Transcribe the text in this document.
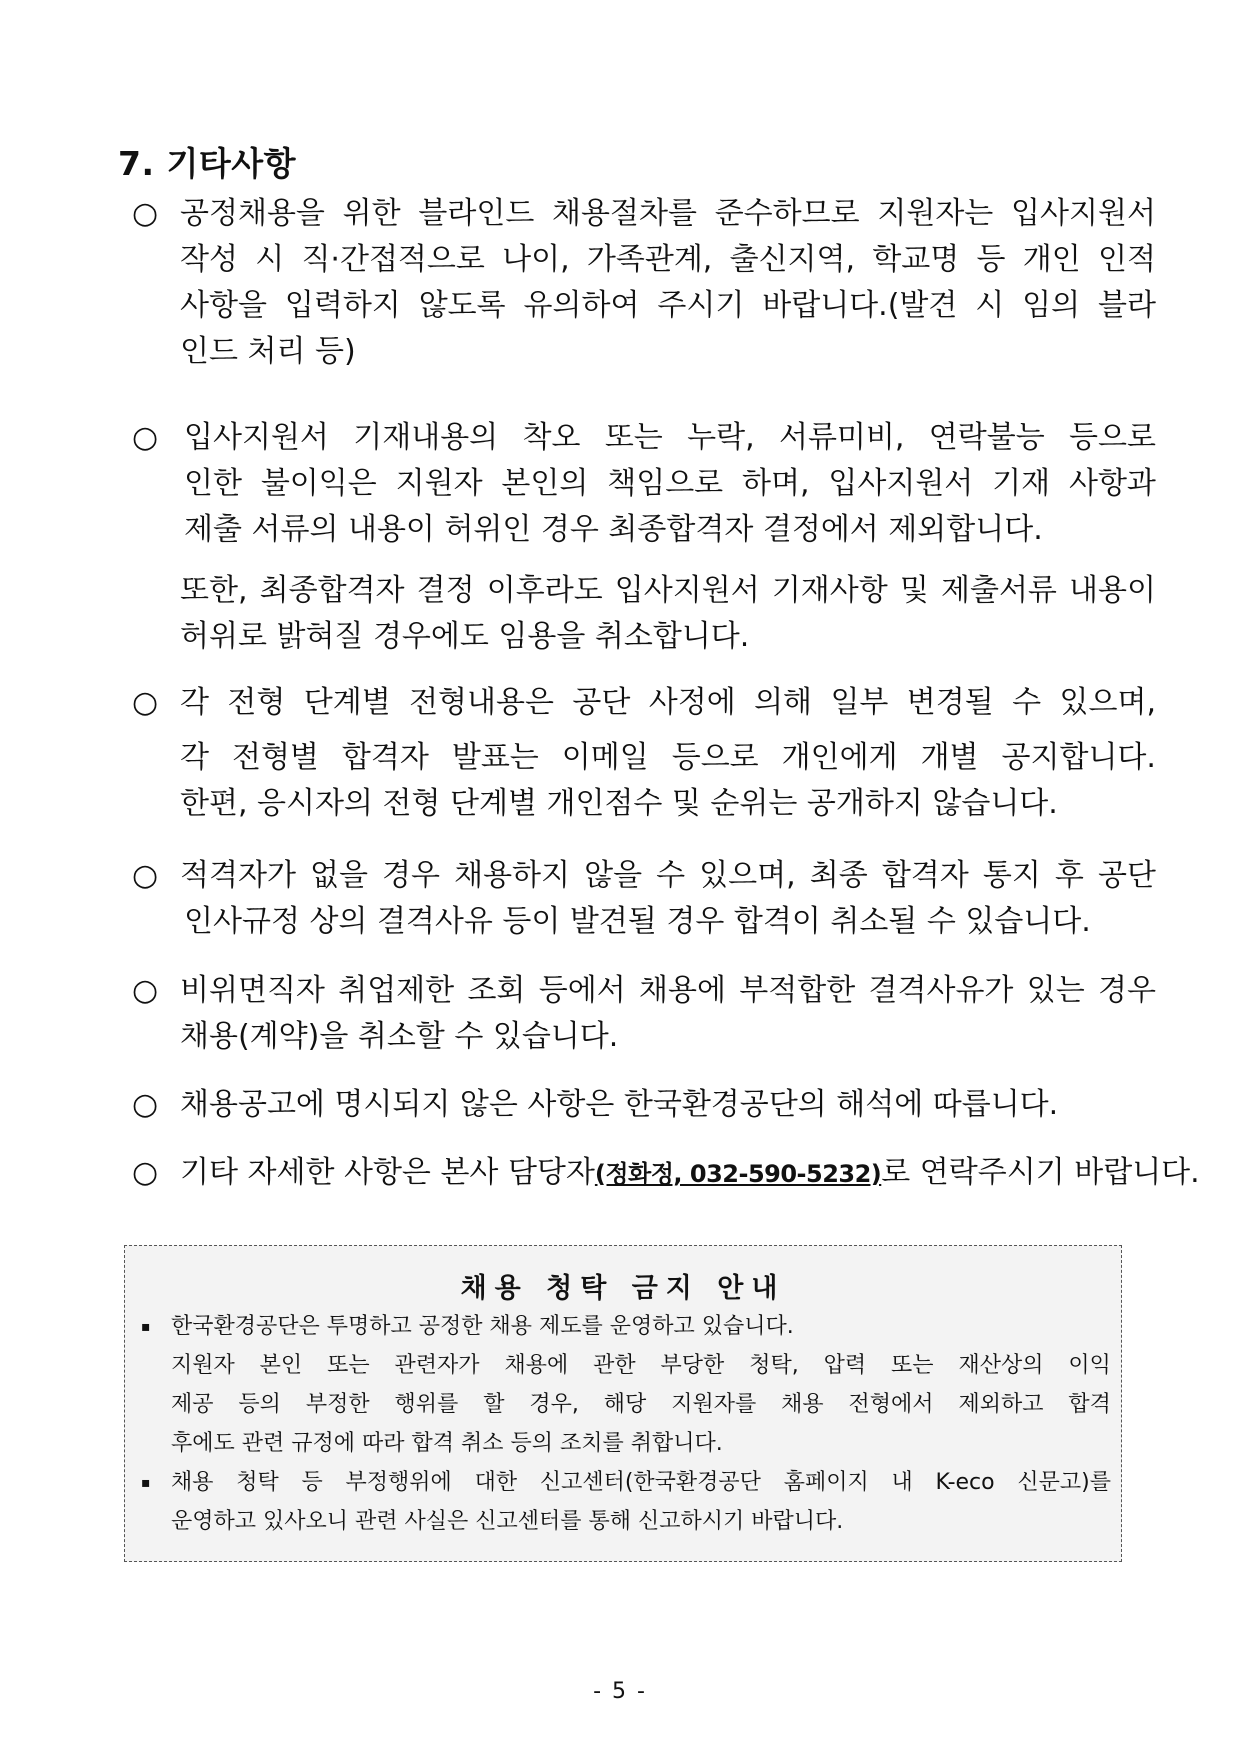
7. 기타사항
○ 공정채용을 위한 블라인드 채용절차를 준수하므로 지원자는 입사지원서
작성 시 직·간접적으로 나이, 가족관계, 출신지역, 학교명 등 개인 인적
사항을 입력하지 않도록 유의하여 주시기 바랍니다.(발견 시 임의 블라
인드 처리 등)
○ 입사지원서 기재내용의 착오 또는 누락, 서류미비, 연락불능 등으로
인한 불이익은 지원자 본인의 책임으로 하며, 입사지원서 기재 사항과
제출 서류의 내용이 허위인 경우 최종합격자 결정에서 제외합니다.
또한, 최종합격자 결정 이후라도 입사지원서 기재사항 및 제출서류 내용이
허위로 밝혀질 경우에도 임용을 취소합니다.
○ 각 전형 단계별 전형내용은 공단 사정에 의해 일부 변경될 수 있으며,
각 전형별 합격자 발표는 이메일 등으로 개인에게 개별 공지합니다.
한편, 응시자의 전형 단계별 개인점수 및 순위는 공개하지 않습니다.
○ 적격자가 없을 경우 채용하지 않을 수 있으며, 최종 합격자 통지 후 공단
인사규정 상의 결격사유 등이 발견될 경우 합격이 취소될 수 있습니다.
○ 비위면직자 취업제한 조회 등에서 채용에 부적합한 결격사유가 있는 경우
채용(계약)을 취소할 수 있습니다.
○ 채용공고에 명시되지 않은 사항은 한국환경공단의 해석에 따릅니다.
○ 기타 자세한 사항은 본사 담당자(정화정, 032-590-5232)로 연락주시기 바랍니다.
채용 청탁 금지 안내
▪ 한국환경공단은 투명하고 공정한 채용 제도를 운영하고 있습니다.
지원자 본인 또는 관련자가 채용에 관한 부당한 청탁, 압력 또는 재산상의 이익
제공 등의 부정한 행위를 할 경우, 해당 지원자를 채용 전형에서 제외하고 합격
후에도 관련 규정에 따라 합격 취소 등의 조치를 취합니다.
▪ 채용 청탁 등 부정행위에 대한 신고센터(한국환경공단 홈페이지 내 K-eco 신문고)를
운영하고 있사오니 관련 사실은 신고센터를 통해 신고하시기 바랍니다.
- 5 -
